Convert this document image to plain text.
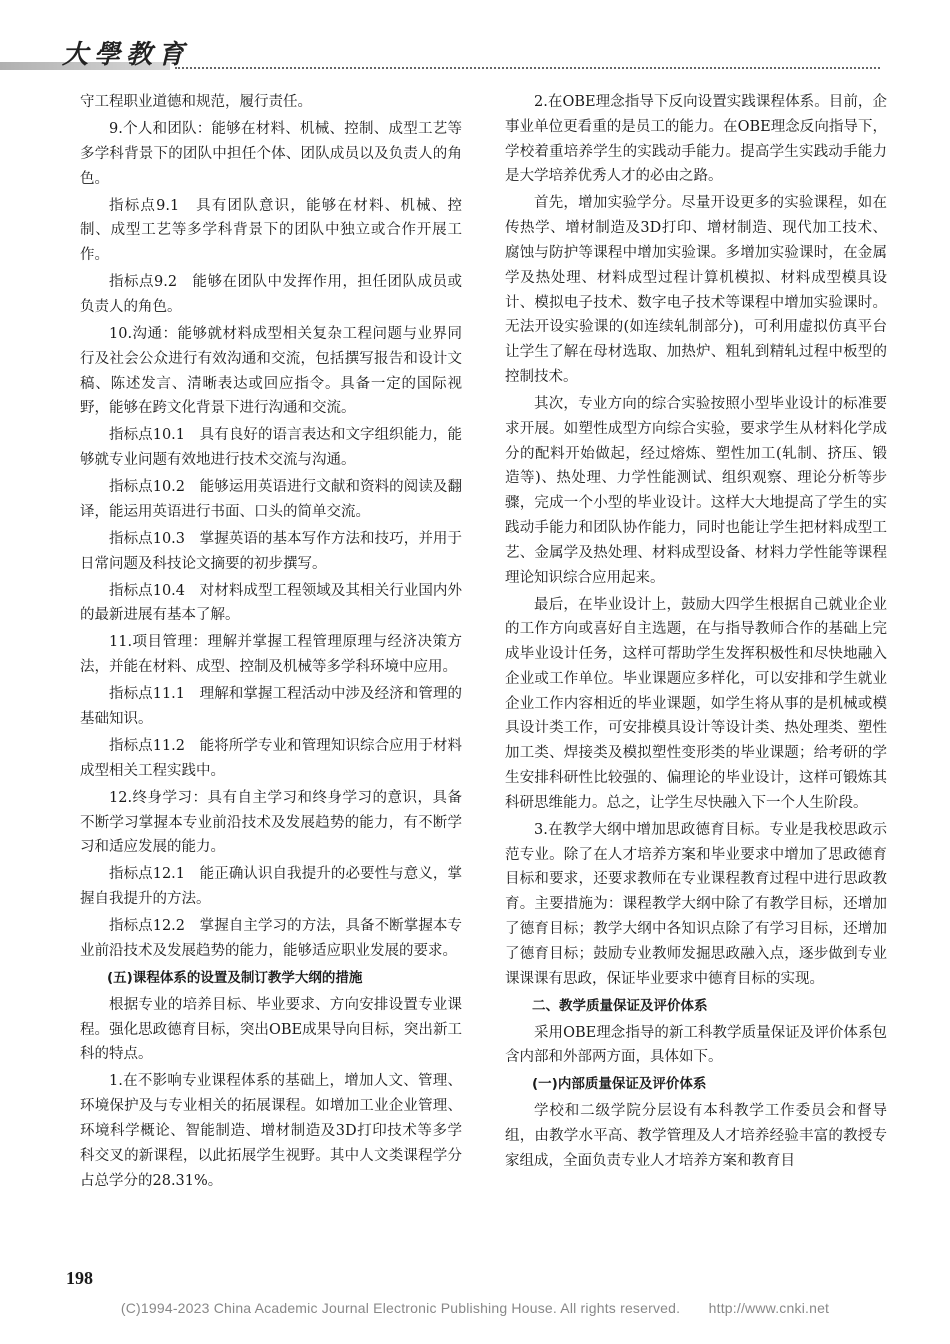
大學教育

守工程职业道德和规范，履行责任。

9.个人和团队：能够在材料、机械、控制、成型工艺等多学科背景下的团队中担任个体、团队成员以及负责人的角色。

指标点9.1　具有团队意识，能够在材料、机械、控制、成型工艺等多学科背景下的团队中独立或合作开展工作。

指标点9.2　能够在团队中发挥作用，担任团队成员或负责人的角色。

10.沟通：能够就材料成型相关复杂工程问题与业界同行及社会公众进行有效沟通和交流，包括撰写报告和设计文稿、陈述发言、清晰表达或回应指令。具备一定的国际视野，能够在跨文化背景下进行沟通和交流。

指标点10.1　具有良好的语言表达和文字组织能力，能够就专业问题有效地进行技术交流与沟通。

指标点10.2　能够运用英语进行文献和资料的阅读及翻译，能运用英语进行书面、口头的简单交流。

指标点10.3　掌握英语的基本写作方法和技巧，并用于日常问题及科技论文摘要的初步撰写。

指标点10.4　对材料成型工程领域及其相关行业国内外的最新进展有基本了解。

11.项目管理：理解并掌握工程管理原理与经济决策方法，并能在材料、成型、控制及机械等多学科环境中应用。

指标点11.1　理解和掌握工程活动中涉及经济和管理的基础知识。

指标点11.2　能将所学专业和管理知识综合应用于材料成型相关工程实践中。

12.终身学习：具有自主学习和终身学习的意识，具备不断学习掌握本专业前沿技术及发展趋势的能力，有不断学习和适应发展的能力。

指标点12.1　能正确认识自我提升的必要性与意义，掌握自我提升的方法。

指标点12.2　掌握自主学习的方法，具备不断掌握本专业前沿技术及发展趋势的能力，能够适应职业发展的要求。

(五)课程体系的设置及制订教学大纲的措施

根据专业的培养目标、毕业要求、方向安排设置专业课程。强化思政德育目标，突出OBE成果导向目标，突出新工科的特点。

1.在不影响专业课程体系的基础上，增加人文、管理、环境保护及与专业相关的拓展课程。如增加工业企业管理、环境科学概论、智能制造、增材制造及3D打印技术等多学科交叉的新课程，以此拓展学生视野。其中人文类课程学分占总学分的28.31%。

2.在OBE理念指导下反向设置实践课程体系。目前，企事业单位更看重的是员工的能力。在OBE理念反向指导下，学校着重培养学生的实践动手能力。提高学生实践动手能力是大学培养优秀人才的必由之路。

首先，增加实验学分。尽量开设更多的实验课程，如在传热学、增材制造及3D打印、增材制造、现代加工技术、腐蚀与防护等课程中增加实验课。多增加实验课时，在金属学及热处理、材料成型过程计算机模拟、材料成型模具设计、模拟电子技术、数字电子技术等课程中增加实验课时。无法开设实验课的(如连续轧制部分)，可利用虚拟仿真平台让学生了解在母材选取、加热炉、粗轧到精轧过程中板型的控制技术。

其次，专业方向的综合实验按照小型毕业设计的标准要求开展。如塑性成型方向综合实验，要求学生从材料化学成分的配料开始做起，经过熔炼、塑性加工(轧制、挤压、锻造等)、热处理、力学性能测试、组织观察、理论分析等步骤，完成一个小型的毕业设计。这样大大地提高了学生的实践动手能力和团队协作能力，同时也能让学生把材料成型工艺、金属学及热处理、材料成型设备、材料力学性能等课程理论知识综合应用起来。

最后，在毕业设计上，鼓励大四学生根据自己就业企业的工作方向或喜好自主选题，在与指导教师合作的基础上完成毕业设计任务，这样可帮助学生发挥积极性和尽快地融入企业或工作单位。毕业课题应多样化，可以安排和学生就业企业工作内容相近的毕业课题，如学生将从事的是机械或模具设计类工作，可安排模具设计等设计类、热处理类、塑性加工类、焊接类及模拟塑性变形类的毕业课题；给考研的学生安排科研性比较强的、偏理论的毕业设计，这样可锻炼其科研思维能力。总之，让学生尽快融入下一个人生阶段。

3.在教学大纲中增加思政德育目标。专业是我校思政示范专业。除了在人才培养方案和毕业要求中增加了思政德育目标和要求，还要求教师在专业课程教育过程中进行思政教育。主要措施为：课程教学大纲中除了有教学目标，还增加了德育目标；教学大纲中各知识点除了有学习目标，还增加了德育目标；鼓励专业教师发掘思政融入点，逐步做到专业课课课有思政，保证毕业要求中德育目标的实现。

二、教学质量保证及评价体系

采用OBE理念指导的新工科教学质量保证及评价体系包含内部和外部两方面，具体如下。

(一)内部质量保证及评价体系

学校和二级学院分层设有本科教学工作委员会和督导组，由教学水平高、教学管理及人才培养经验丰富的教授专家组成，全面负责专业人才培养方案和教育目

198
(C)1994-2023 China Academic Journal Electronic Publishing House. All rights reserved.　　http://www.cnki.net
